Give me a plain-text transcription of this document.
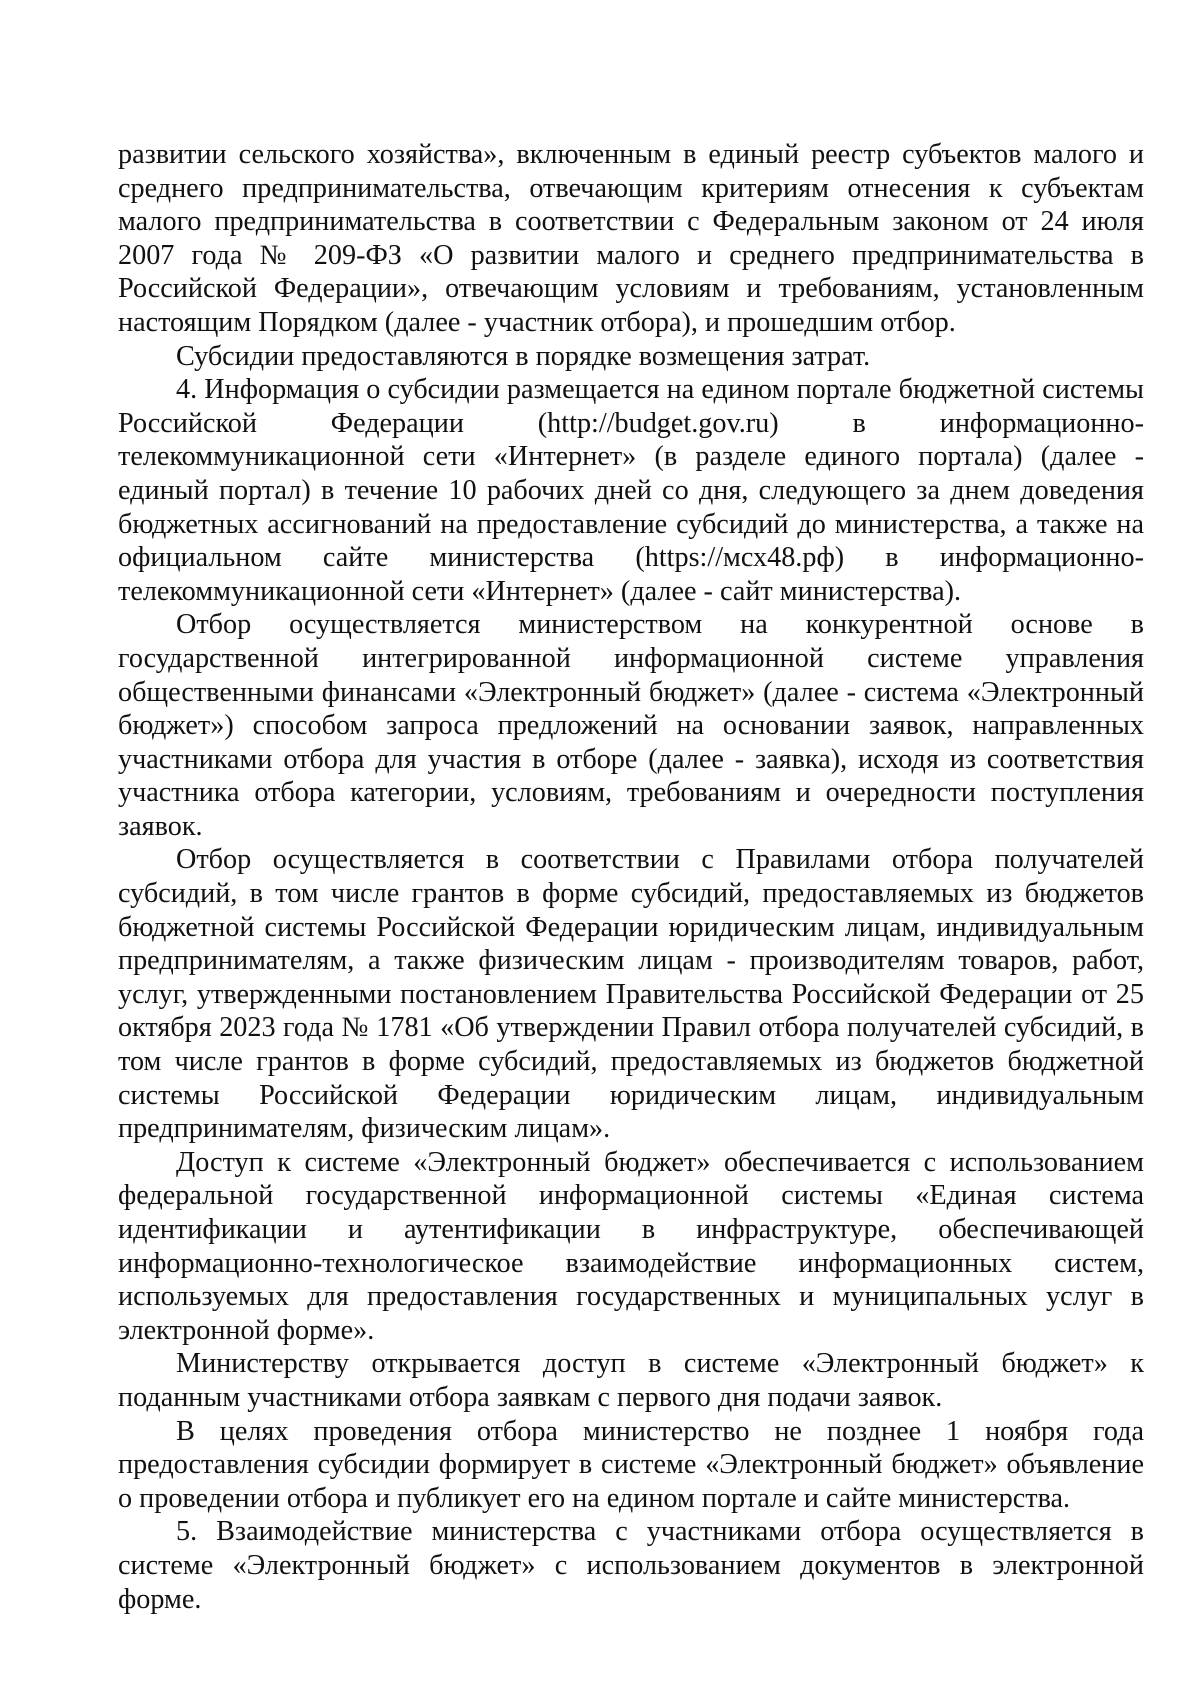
развитии сельского хозяйства», включенным в единый реестр субъектов малого и среднего предпринимательства, отвечающим критериям отнесения к субъектам малого предпринимательства в соответствии с Федеральным законом от 24 июля 2007 года № 209-ФЗ «О развитии малого и среднего предпринимательства в Российской Федерации», отвечающим условиям и требованиям, установленным настоящим Порядком (далее - участник отбора), и прошедшим отбор.

Субсидии предоставляются в порядке возмещения затрат.

4. Информация о субсидии размещается на едином портале бюджетной системы Российской Федерации (http://budget.gov.ru) в информационно-телекоммуникационной сети «Интернет» (в разделе единого портала) (далее - единый портал) в течение 10 рабочих дней со дня, следующего за днем доведения бюджетных ассигнований на предоставление субсидий до министерства, а также на официальном сайте министерства (https://мсх48.рф) в информационно-телекоммуникационной сети «Интернет» (далее - сайт министерства).

Отбор осуществляется министерством на конкурентной основе в государственной интегрированной информационной системе управления общественными финансами «Электронный бюджет» (далее - система «Электронный бюджет») способом запроса предложений на основании заявок, направленных участниками отбора для участия в отборе (далее - заявка), исходя из соответствия участника отбора категории, условиям, требованиям и очередности поступления заявок.

Отбор осуществляется в соответствии с Правилами отбора получателей субсидий, в том числе грантов в форме субсидий, предоставляемых из бюджетов бюджетной системы Российской Федерации юридическим лицам, индивидуальным предпринимателям, а также физическим лицам - производителям товаров, работ, услуг, утвержденными постановлением Правительства Российской Федерации от 25 октября 2023 года № 1781 «Об утверждении Правил отбора получателей субсидий, в том числе грантов в форме субсидий, предоставляемых из бюджетов бюджетной системы Российской Федерации юридическим лицам, индивидуальным предпринимателям, физическим лицам».

Доступ к системе «Электронный бюджет» обеспечивается с использованием федеральной государственной информационной системы «Единая система идентификации и аутентификации в инфраструктуре, обеспечивающей информационно-технологическое взаимодействие информационных систем, используемых для предоставления государственных и муниципальных услуг в электронной форме».

Министерству открывается доступ в системе «Электронный бюджет» к поданным участниками отбора заявкам с первого дня подачи заявок.

В целях проведения отбора министерство не позднее 1 ноября года предоставления субсидии формирует в системе «Электронный бюджет» объявление о проведении отбора и публикует его на едином портале и сайте министерства.

5. Взаимодействие министерства с участниками отбора осуществляется в системе «Электронный бюджет» с использованием документов в электронной форме.
